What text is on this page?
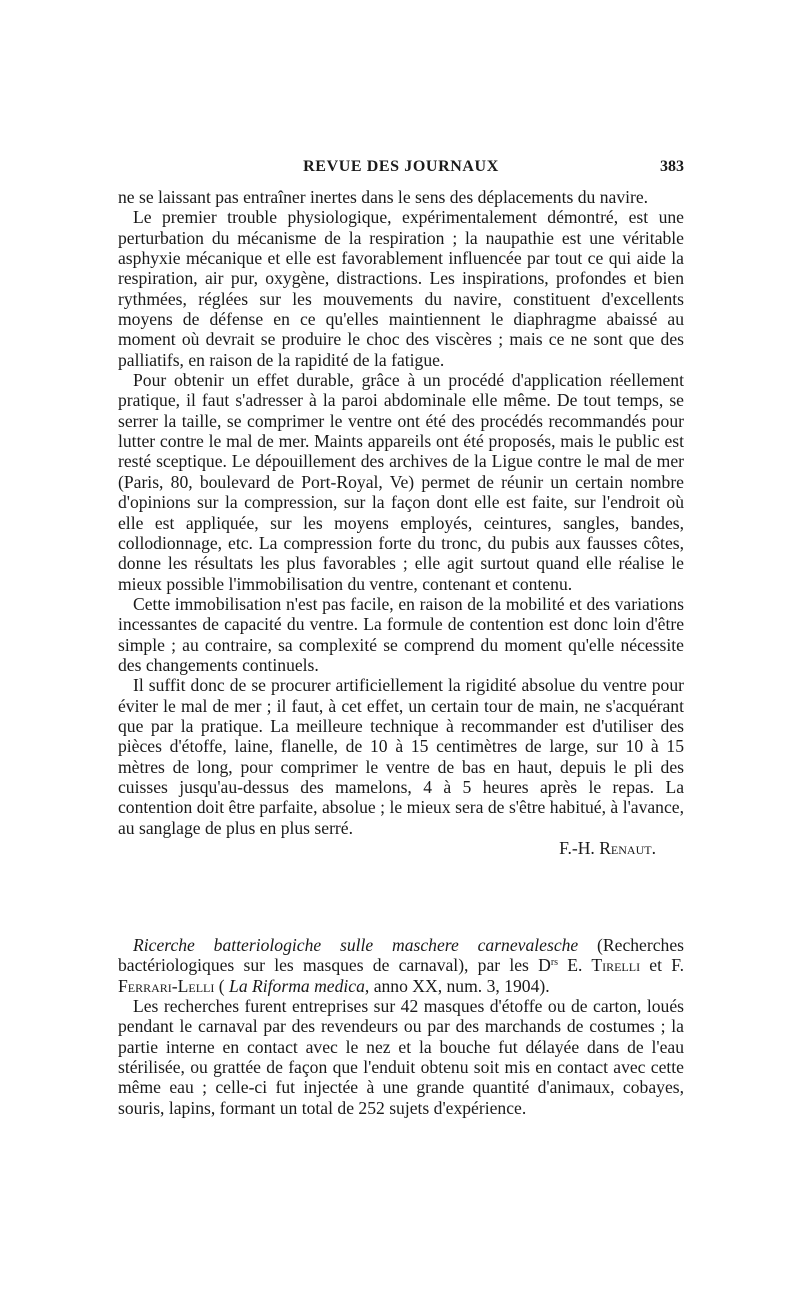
REVUE DES JOURNAUX	383

ne se laissant pas entraîner inertes dans le sens des déplacements du navire.

Le premier trouble physiologique, expérimentalement démontré, est une perturbation du mécanisme de la respiration ; la naupathie est une véritable asphyxie mécanique et elle est favorablement influencée par tout ce qui aide la respiration, air pur, oxygène, distractions. Les inspirations, profondes et bien rythmées, réglées sur les mouvements du navire, constituent d'excellents moyens de défense en ce qu'elles maintiennent le diaphragme abaissé au moment où devrait se produire le choc des viscères ; mais ce ne sont que des palliatifs, en raison de la rapidité de la fatigue.

Pour obtenir un effet durable, grâce à un procédé d'application réellement pratique, il faut s'adresser à la paroi abdominale elle même. De tout temps, se serrer la taille, se comprimer le ventre ont été des procédés recommandés pour lutter contre le mal de mer. Maints appareils ont été proposés, mais le public est resté sceptique. Le dépouillement des archives de la Ligue contre le mal de mer (Paris, 80, boulevard de Port-Royal, Ve) permet de réunir un certain nombre d'opinions sur la compression, sur la façon dont elle est faite, sur l'endroit où elle est appliquée, sur les moyens employés, ceintures, sangles, bandes, collodionnage, etc. La compression forte du tronc, du pubis aux fausses côtes, donne les résultats les plus favorables ; elle agit surtout quand elle réalise le mieux possible l'immobilisation du ventre, contenant et contenu.

Cette immobilisation n'est pas facile, en raison de la mobilité et des variations incessantes de capacité du ventre. La formule de contention est donc loin d'être simple ; au contraire, sa complexité se comprend du moment qu'elle nécessite des changements continuels.

Il suffit donc de se procurer artificiellement la rigidité absolue du ventre pour éviter le mal de mer ; il faut, à cet effet, un certain tour de main, ne s'acquérant que par la pratique. La meilleure technique à recommander est d'utiliser des pièces d'étoffe, laine, flanelle, de 10 à 15 centimètres de large, sur 10 à 15 mètres de long, pour comprimer le ventre de bas en haut, depuis le pli des cuisses jusqu'au-dessus des mamelons, 4 à 5 heures après le repas. La contention doit être parfaite, absolue ; le mieux sera de s'être habitué, à l'avance, au sanglage de plus en plus serré.

F.-H. Renaut.

Ricerche batteriologiche sulle maschere carnevalesche (Recherches bactériologiques sur les masques de carnaval), par les $D^{rs}$ E. Tirelli et F. Ferrari-Lelli ( La Riforma medica, anno XX, num. 3, 1904).

Les recherches furent entreprises sur 42 masques d'étoffe ou de carton, loués pendant le carnaval par des revendeurs ou par des marchands de costumes ; la partie interne en contact avec le nez et la bouche fut délayée dans de l'eau stérilisée, ou grattée de façon que l'enduit obtenu soit mis en contact avec cette même eau ; celle-ci fut injectée à une grande quantité d'animaux, cobayes, souris, lapins, formant un total de 252 sujets d'expérience.
